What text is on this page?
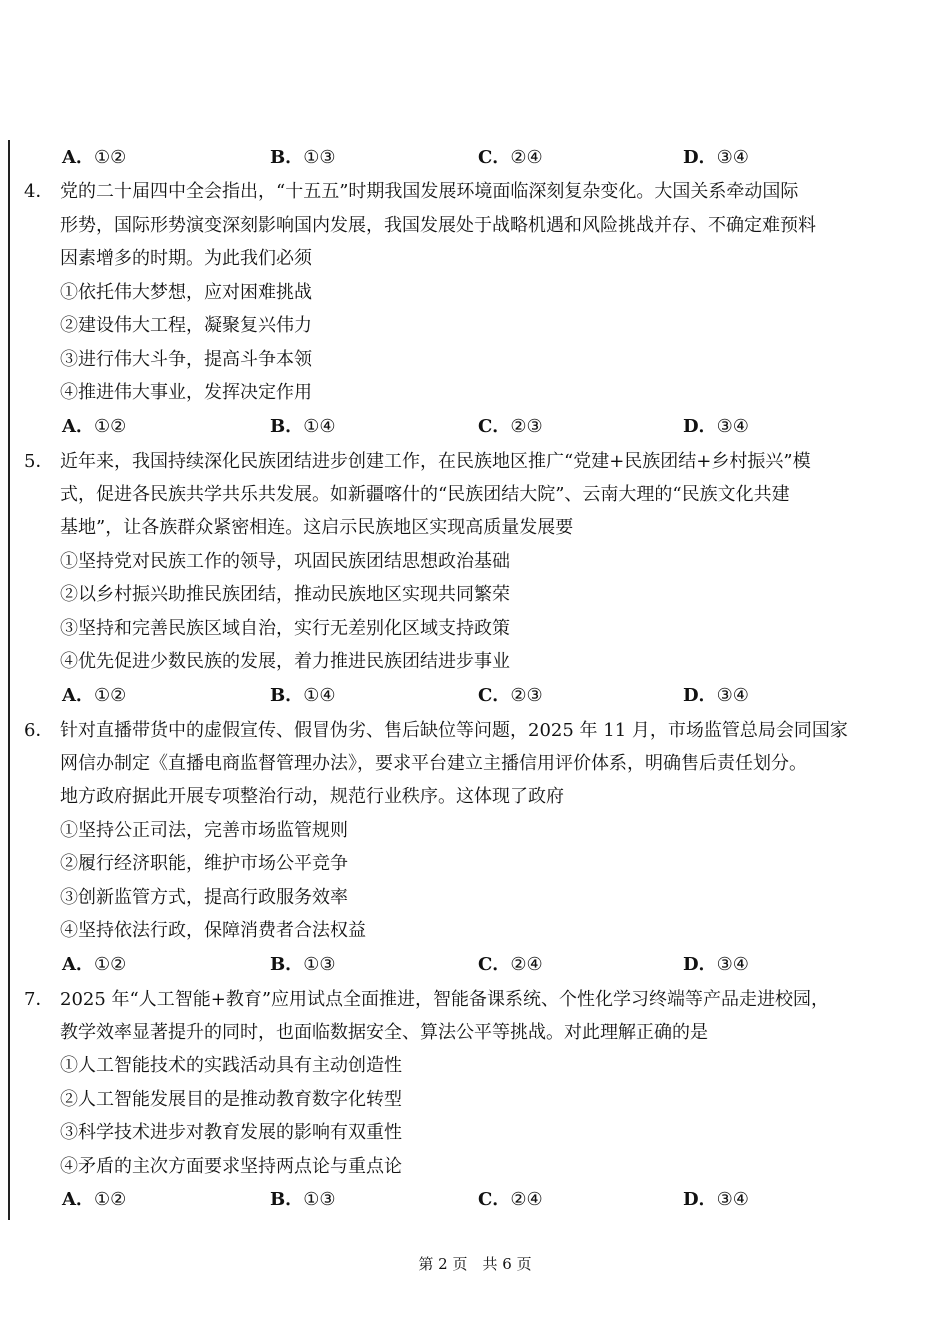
A．①②	B．①③	C．②④	D．③④
4． 党的二十届四中全会指出，“十五五”时期我国发展环境面临深刻复杂变化。大国关系牵动国际
形势，国际形势演变深刻影响国内发展，我国发展处于战略机遇和风险挑战并存、不确定难预料
因素增多的时期。为此我们必须
①依托伟大梦想，应对困难挑战
②建设伟大工程，凝聚复兴伟力
③进行伟大斗争，提高斗争本领
④推进伟大事业，发挥决定作用
A．①②	B．①④	C．②③	D．③④
5． 近年来，我国持续深化民族团结进步创建工作，在民族地区推广“党建+民族团结+乡村振兴”模
式，促进各民族共学共乐共发展。如新疆喀什的“民族团结大院”、云南大理的“民族文化共建
基地”，让各族群众紧密相连。这启示民族地区实现高质量发展要
①坚持党对民族工作的领导，巩固民族团结思想政治基础
②以乡村振兴助推民族团结，推动民族地区实现共同繁荣
③坚持和完善民族区域自治，实行无差别化区域支持政策
④优先促进少数民族的发展，着力推进民族团结进步事业
A．①②	B．①④	C．②③	D．③④
6． 针对直播带货中的虚假宣传、假冒伪劣、售后缺位等问题，2025 年 11 月，市场监管总局会同国家
网信办制定《直播电商监督管理办法》，要求平台建立主播信用评价体系，明确售后责任划分。
地方政府据此开展专项整治行动，规范行业秩序。这体现了政府
①坚持公正司法，完善市场监管规则
②履行经济职能，维护市场公平竞争
③创新监管方式，提高行政服务效率
④坚持依法行政，保障消费者合法权益
A．①②	B．①③	C．②④	D．③④
7． 2025 年“人工智能+教育”应用试点全面推进，智能备课系统、个性化学习终端等产品走进校园，
教学效率显著提升的同时，也面临数据安全、算法公平等挑战。对此理解正确的是
①人工智能技术的实践活动具有主动创造性
②人工智能发展目的是推动教育数字化转型
③科学技术进步对教育发展的影响有双重性
④矛盾的主次方面要求坚持两点论与重点论
A．①②	B．①③	C．②④	D．③④
第 2 页　共 6 页
